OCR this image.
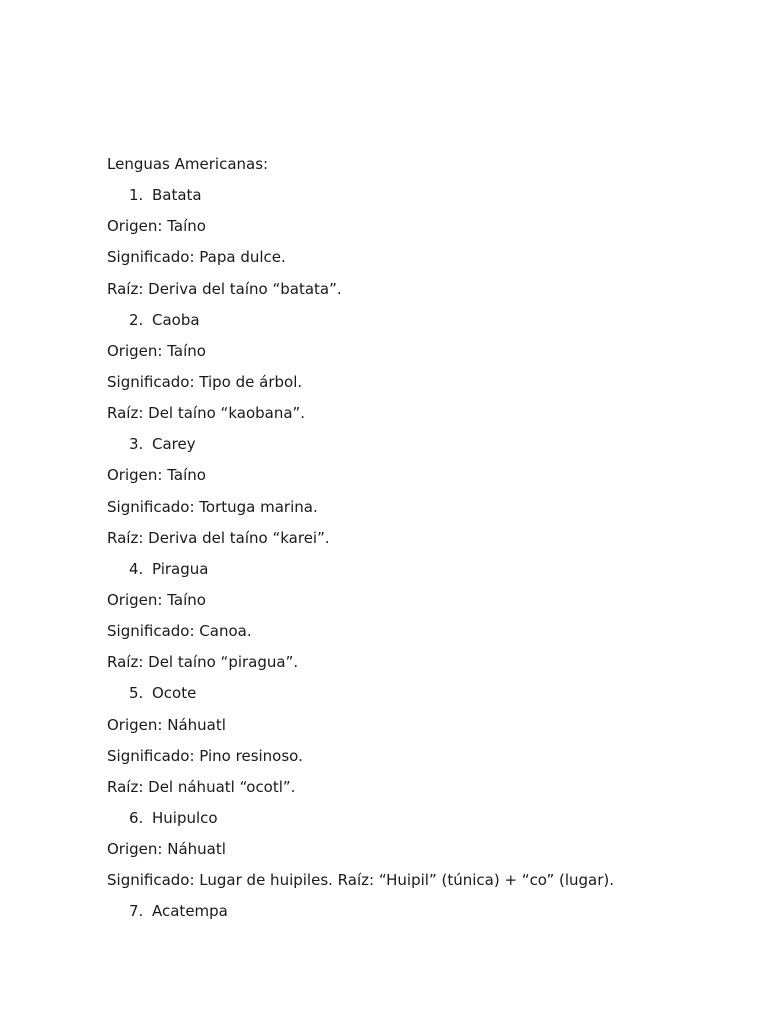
Lenguas Americanas:
1. Batata
Origen: Taíno
Significado: Papa dulce.
Raíz: Deriva del taíno “batata”.
2. Caoba
Origen: Taíno
Significado: Tipo de árbol.
Raíz: Del taíno “kaobana”.
3. Carey
Origen: Taíno
Significado: Tortuga marina.
Raíz: Deriva del taíno “karei”.
4. Piragua
Origen: Taíno
Significado: Canoa.
Raíz: Del taíno “piragua”.
5. Ocote
Origen: Náhuatl
Significado: Pino resinoso.
Raíz: Del náhuatl “ocotl”.
6. Huipulco
Origen: Náhuatl
Significado: Lugar de huipiles. Raíz: “Huipil” (túnica) + “co” (lugar).
7. Acatempa
